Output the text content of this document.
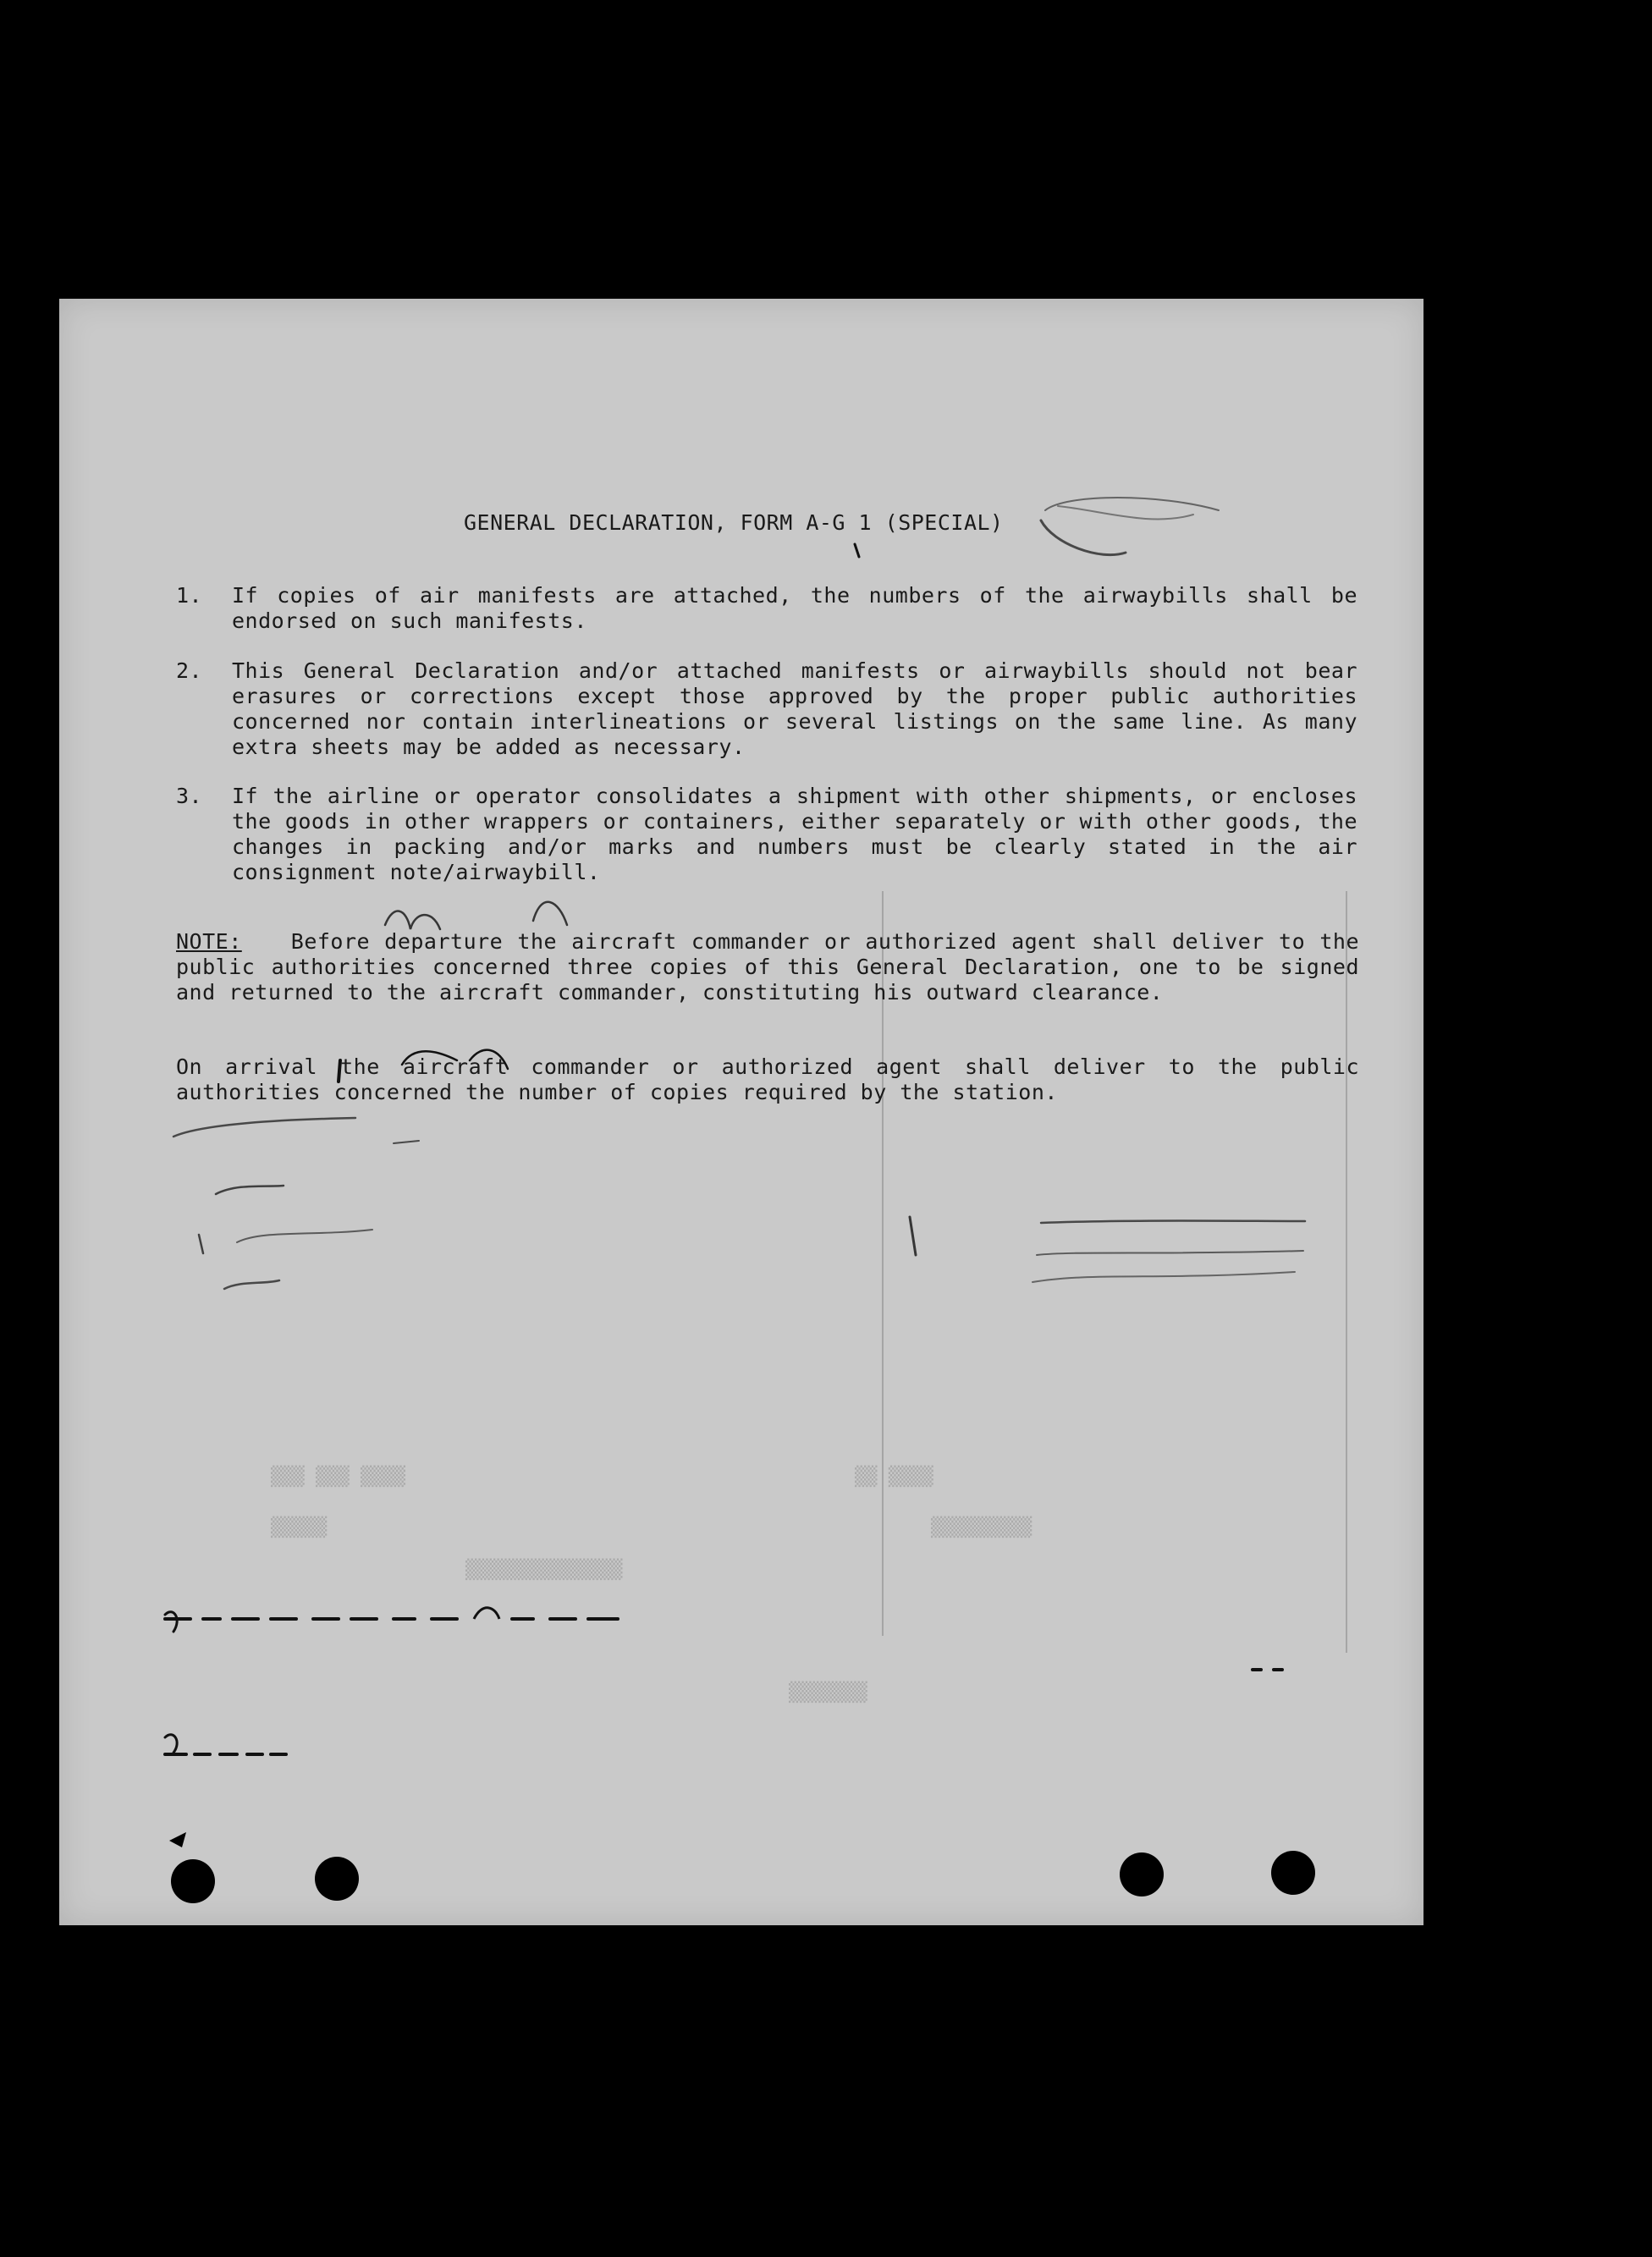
▒▒▒▒ ▒▒▒ ▒▒▒	▒▒▒▒ ▒▒
▒▒▒▒▒	▒▒▒▒▒▒▒▒▒
▒▒▒▒▒▒▒▒▒▒▒▒▒▒
▒▒▒▒▒▒▒
GENERAL DECLARATION, FORM A-G 1 (SPECIAL)
1. If copies of air manifests are attached, the numbers of the airwaybills shall be endorsed on such manifests.
2. This General Declaration and/or attached manifests or airwaybills should not bear erasures or corrections except those approved by the proper public authorities concerned nor contain interlineations or several listings on the same line. As many extra sheets may be added as necessary.
3. If the airline or operator consolidates a shipment with other shipments, or encloses the goods in other wrappers or containers, either separately or with other goods, the changes in packing and/or marks and numbers must be clearly stated in the air consignment note/airwaybill.
NOTE: Before departure the aircraft commander or authorized agent shall deliver to the public authorities concerned three copies of this General Declaration, one to be signed and returned to the aircraft commander, constituting his outward clearance.
On arrival the aircraft commander or authorized agent shall deliver to the public authorities concerned the number of copies required by the station.
